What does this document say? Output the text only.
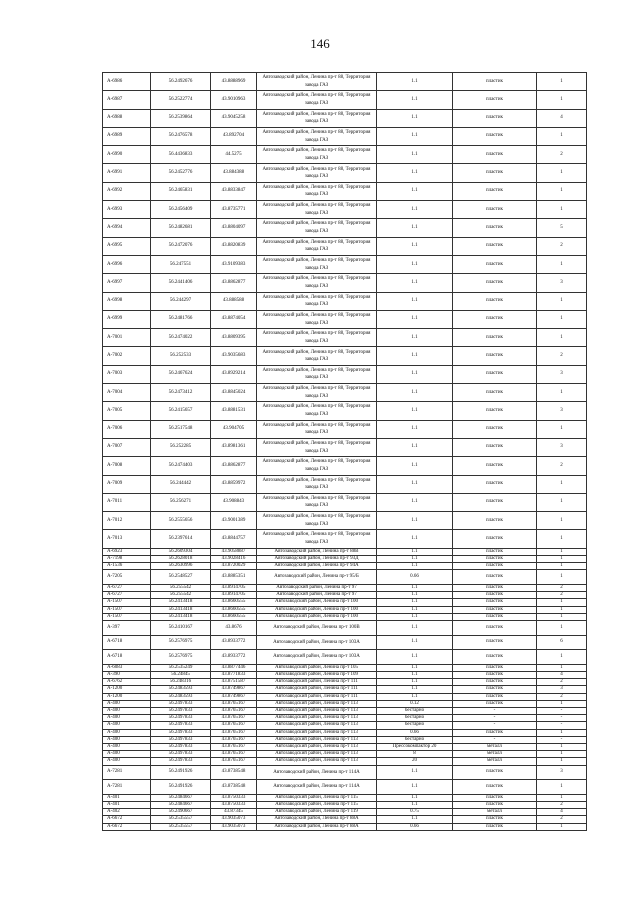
146
А-6986	56.2492676	43.8888969	Автозаводский район, Ленина пр-т 88, Территория завода ГАЗ	1.1	пластик	1
А-6987	56.2522774	43.9010963	Автозаводский район, Ленина пр-т 88, Территория завода ГАЗ	1.1	пластик	1
А-6988	56.2539864	43.9045258	Автозаводский район, Ленина пр-т 88, Территория завода ГАЗ	1.1	пластик	4
А-6989	56.2476578	43.892704	Автозаводский район, Ленина пр-т 88, Территория завода ГАЗ	1.1	пластик	1
А-6990	56.4436833	44.5275	Автозаводский район, Ленина пр-т 88, Территория завода ГАЗ	1.1	пластик	2
А-6991	56.2452776	43.884388	Автозаводский район, Ленина пр-т 88, Территория завода ГАЗ	1.1	пластик	1
А-6992	56.2465831	43.8833847	Автозаводский район, Ленина пр-т 88, Территория завода ГАЗ	1.1	пластик	1
А-6993	56.2456409	43.8735771	Автозаводский район, Ленина пр-т 88, Территория завода ГАЗ	1.1	пластик	1
А-6994	56.2482681	43.8804097	Автозаводский район, Ленина пр-т 88, Территория завода ГАЗ	1.1	пластик	5
А-6995	56.2472076	43.8820839	Автозаводский район, Ленина пр-т 88, Территория завода ГАЗ	1.1	пластик	2
А-6996	56.247551	43.9109383	Автозаводский район, Ленина пр-т 88, Территория завода ГАЗ	1.1	пластик	1
А-6997	56.2441406	43.8862877	Автозаводский район, Ленина пр-т 88, Территория завода ГАЗ	1.1	пластик	3
А-6998	56.244297	43.888588	Автозаводский район, Ленина пр-т 88, Территория завода ГАЗ	1.1	пластик	1
А-6999	56.2481766	43.8874054	Автозаводский район, Ленина пр-т 88, Территория завода ГАЗ	1.1	пластик	1
А-7001	56.2474022	43.8809395	Автозаводский район, Ленина пр-т 88, Территория завода ГАЗ	1.1	пластик	1
А-7002	56.252533	43.9035683	Автозаводский район, Ленина пр-т 88, Территория завода ГАЗ	1.1	пластик	2
А-7003	56.2467624	43.8929214	Автозаводский район, Ленина пр-т 88, Территория завода ГАЗ	1.1	пластик	3
А-7004	56.2473412	43.8845024	Автозаводский район, Ленина пр-т 88, Территория завода ГАЗ	1.1	пластик	1
А-7005	56.2415657	43.8881531	Автозаводский район, Ленина пр-т 88, Территория завода ГАЗ	1.1	пластик	3
А-7006	56.2517548	43.904705	Автозаводский район, Ленина пр-т 88, Территория завода ГАЗ	1.1	пластик	1
А-7007	56.252285	43.8981361	Автозаводский район, Ленина пр-т 88, Территория завода ГАЗ	1.1	пластик	3
А-7008	56.2474403	43.8862877	Автозаводский район, Ленина пр-т 88, Территория завода ГАЗ	1.1	пластик	2
А-7009	56.244442	43.8859972	Автозаводский район, Ленина пр-т 88, Территория завода ГАЗ	1.1	пластик	1
А-7011	56.256271	43.908843	Автозаводский район, Ленина пр-т 88, Территория завода ГАЗ	1.1	пластик	1
А-7012	56.2555656	43.9001389	Автозаводский район, Ленина пр-т 88, Территория завода ГАЗ	1.1	пластик	1
А-7013	56.2397614	43.8844757	Автозаводский район, Ленина пр-т 88, Территория завода ГАЗ	1.1	пластик	1
А-6923	56.2609304	43.9058887	Автозаводский район, Ленина пр-т 88В	1.1	пластик	1
А-7198	56.2628018	43.9028416	Автозаводский район, Ленина пр-т 93Д	1.1	пластик	1
А-1536	56.2630996	43.8720029	Автозаводский район, Ленина пр-т 94А	1.1	пластик	1
А-7205	56.2548527	43.8885351	Автозаводский район, Ленина пр-т 95/Б	0.66	пластик	1
А-6727	56.255542	43.8914705	Автозаводский район, Ленина пр-т 97	1.1	пластик	2
А-6727	56.255542	43.8914705	Автозаводский район, Ленина пр-т 97	1.1	пластик	2
А-1507	56.2413418	43.8660555	Автозаводский район, Ленина пр-т 100	1.1	пластик	1
А-1507	56.2413418	43.8660555	Автозаводский район, Ленина пр-т 100	1.1	пластик	1
А-1507	56.2413418	43.8660555	Автозаводский район, Ленина пр-т 100	1.1	пластик	1
А-397	56.2410167	43.8676	Автозаводский район, Ленина пр-т 100В	1.1	пластик	1
А-6718	56.2576975	43.8933772	Автозаводский район, Ленина пр-т 103А	1.1	пластик	6
А-6718	56.2576975	43.8933772	Автозаводский район, Ленина пр-т 103А	1.1	пластик	1
А-6083	56.2535249	43.8877446	Автозаводский район, Ленина пр-т 105	1.1	пластик	1
А-390	56.24845	43.8771833	Автозаводский район, Ленина пр-т 109	1.1	пластик	4
А-6762	56.248316	43.8751587	Автозаводский район, Ленина пр-т 111	1.1	пластик	2
А-1200	56.2483593	43.8749867	Автозаводский район, Ленина пр-т 111	1.1	пластик	3
А-1200	56.2483593	43.8749867	Автозаводский район, Ленина пр-т 111	1.1	пластик	2
А-400	56.2497833	43.8765167	Автозаводский район, Ленина пр-т 113	0.12	пластик	1
А-400	56.2497833	43.8765167	Автозаводский район, Ленина пр-т 113	бестарно	-	-
А-400	56.2497833	43.8765167	Автозаводский район, Ленина пр-т 113	бестарно	-	-
А-400	56.2497833	43.8765167	Автозаводский район, Ленина пр-т 113	бестарно	-	-
А-400	56.2497833	43.8765167	Автозаводский район, Ленина пр-т 113	0.66	пластик	1
А-400	56.2497833	43.8765167	Автозаводский район, Ленина пр-т 113	бестарно	-	-
А-400	56.2497833	43.8765167	Автозаводский район, Ленина пр-т 113	Прессокомпактор 20	металл	1
А-400	56.2497833	43.8765167	Автозаводский район, Ленина пр-т 113	8	металл	1
А-400	56.2497833	43.8765167	Автозаводский район, Ленина пр-т 113	20	металл	1
А-7281	56.2491926	43.8738548	Автозаводский район, Ленина пр-т 114А	1.1	пластик	3
А-7281	56.2491926	43.8738548	Автозаводский район, Ленина пр-т 114А	1.1	пластик	1
А-401	56.2484667	43.8750333	Автозаводский район, Ленина пр-т 115	1.1	пластик	1
А-401	56.2484667	43.8750333	Автозаводский район, Ленина пр-т 115	1.1	пластик	2
А-402	56.2490667	43.87345	Автозаводский район, Ленина пр-т 119	0.75	металл	4
А-6672	56.2535557	43.9035073	Автозаводский район, Ленина пр-т 88А	1.1	пластик	2
А-6672	56.2535557	43.9035073	Автозаводский район, Ленина пр-т 88А	0.66	пластик	1
